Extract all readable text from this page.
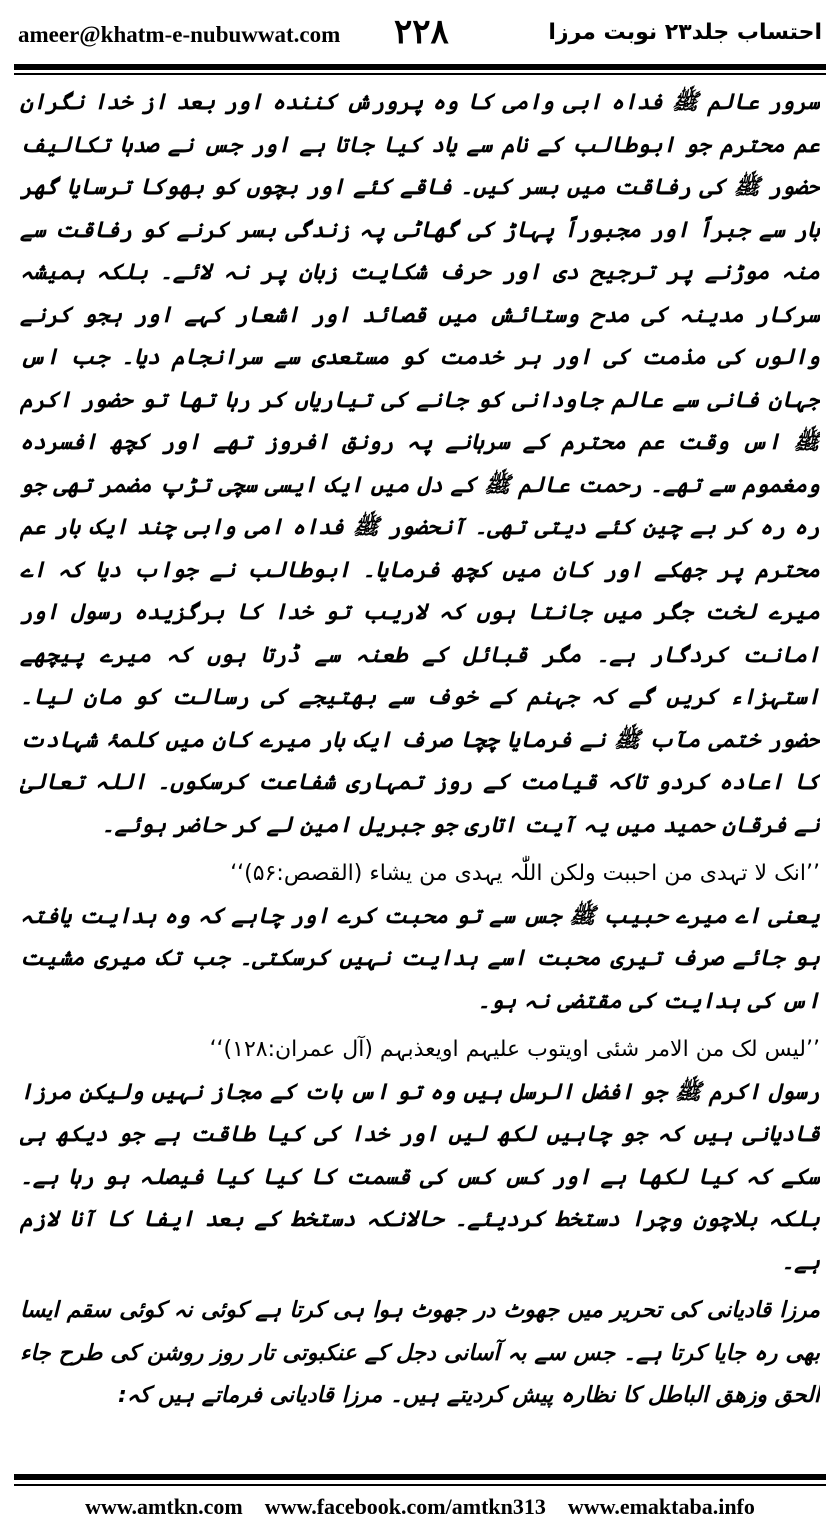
ameer@khatm-e-nubuwwat.com ۲۲۸	احتساب جلد۲۳ نوبت مرزا

سرور عالم ﷺ فداہ ابی وامی کا وہ پرورش کنندہ اور بعد از خدا نگران عم محترم جو ابوطالب کے نام سے یاد کیا جاتا ہے اور جس نے صدہا تکالیف حضور ﷺ کی رفاقت میں بسر کیں۔ فاقے کئے اور بچوں کو بھوکا ترسایا گھر بار سے جبراً اور مجبوراً پہاڑ کی گھاٹی پہ زندگی بسر کرنے کو رفاقت سے منہ موڑنے پر ترجیح دی اور حرف شکایت زبان پر نہ لائے۔ بلکہ ہمیشہ سرکار مدینہ کی مدح وستائش میں قصائد اور اشعار کہے اور ہجو کرنے والوں کی مذمت کی اور ہر خدمت کو مستعدی سے سرانجام دیا۔ جب اس جہان فانی سے عالم جاودانی کو جانے کی تیاریاں کر رہا تھا تو حضور اکرم ﷺ اس وقت عم محترم کے سرہانے پہ رونق افروز تھے اور کچھ افسردہ ومغموم سے تھے۔ رحمت عالم ﷺ کے دل میں ایک ایسی سچی تڑپ مضمر تھی جو رہ رہ کر بے چین کئے دیتی تھی۔ آنحضور ﷺ فداہ امی وابی چند ایک بار عم محترم پر جھکے اور کان میں کچھ فرمایا۔ ابوطالب نے جواب دیا کہ اے میرے لخت جگر میں جانتا ہوں کہ لاریب تو خدا کا برگزیدہ رسول اور امانت کردگار ہے۔ مگر قبائل کے طعنہ سے ڈرتا ہوں کہ میرے پیچھے استہزاء کریں گے کہ جہنم کے خوف سے بھتیجے کی رسالت کو مان لیا۔ حضور ختمی مآب ﷺ نے فرمایا چچا صرف ایک بار میرے کان میں کلمۂ شہادت کا اعادہ کردو تاکہ قیامت کے روز تمہاری شفاعت کرسکوں۔ اللہ تعالیٰ نے فرقان حمید میں یہ آیت اتاری جو جبریل امین لے کر حاضر ہوئے۔

’’انک لا تہدی من احببت ولکن اللّٰہ یہدی من یشاء (القصص:۵۶)‘‘

یعنی اے میرے حبیب ﷺ جس سے تو محبت کرے اور چاہے کہ وہ ہدایت یافتہ ہو جائے صرف تیری محبت اسے ہدایت نہیں کرسکتی۔ جب تک میری مشیت اس کی ہدایت کی مقتضی نہ ہو۔

’’لیس لک من الامر شئی اویتوب علیہم اویعذبہم (آل عمران:۱۲۸)‘‘

رسول اکرم ﷺ جو افضل الرسل ہیں وہ تو اس بات کے مجاز نہیں ولیکن مرزا قادیانی ہیں کہ جو چاہیں لکھ لیں اور خدا کی کیا طاقت ہے جو دیکھ ہی سکے کہ کیا لکھا ہے اور کس کس کی قسمت کا کیا کیا فیصلہ ہو رہا ہے۔ بلکہ بلاچون وچرا دستخط کردیئے۔ حالانکہ دستخط کے بعد ایفا کا آنا لازم ہے۔

مرزا قادیانی کی تحریر میں جھوٹ در جھوٹ ہوا ہی کرتا ہے کوئی نہ کوئی سقم ایسا بھی رہ جایا کرتا ہے۔ جس سے بہ آسانی دجل کے عنکبوتی تار روز روشن کی طرح جاء الحق وزھق الباطل کا نظارہ پیش کردیتے ہیں۔ مرزا قادیانی فرماتے ہیں کہ:

www.amtkn.com www.facebook.com/amtkn313 www.emaktaba.info
